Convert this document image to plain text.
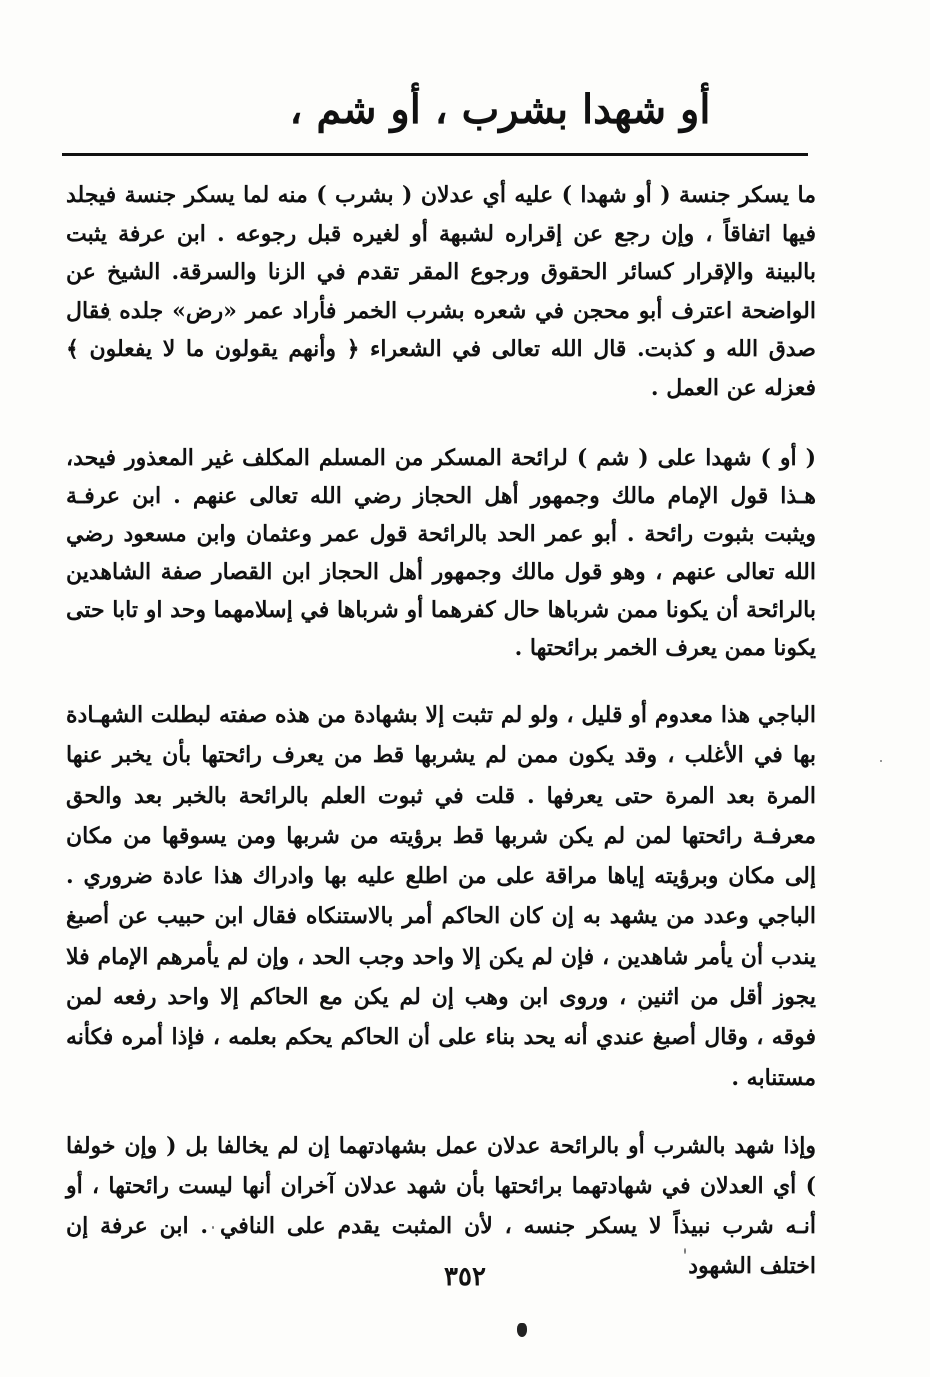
أو شهدا بشرب ، أو شم ،

ما يسكر جنسة ( أو شهدا ) عليه أي عدلان ( بشرب ) منه لما يسكر جنسة فيجلد فيها اتفاقاً ، وإن رجع عن إقراره لشبهة أو لغيره قبل رجوعه . ابن عرفة يثبت بالبينة والإقرار كسائر الحقوق ورجوع المقر تقدم في الزنا والسرقة. الشيخ عن الواضحة اعترف أبو محجن في شعره بشرب الخمر فأراد عمر «رض» جلده فقال صدق الله و كذبت. قال الله تعالى في الشعراء ﴿ وأنهم يقولون ما لا يفعلون ﴾ فعزله عن العمل .

( أو ) شهدا على ( شم ) لرائحة المسكر من المسلم المكلف غير المعذور فيحد، هـذا قول الإمام مالك وجمهور أهل الحجاز رضي الله تعالى عنهم . ابن عرفـة ويثبت بثبوت رائحة . أبو عمر الحد بالرائحة قول عمر وعثمان وابن مسعود رضي الله تعالى عنهم ، وهو قول مالك وجمهور أهل الحجاز ابن القصار صفة الشاهدين بالرائحة أن يكونا ممن شرباها حال كفرهما أو شرباها في إسلامهما وحد او تابا حتى يكونا ممن يعرف الخمر برائحتها .

الباجي هذا معدوم أو قليل ، ولو لم تثبت إلا بشهادة من هذه صفته لبطلت الشهـادة بها في الأغلب ، وقد يكون ممن لم يشربها قط من يعرف رائحتها بأن يخبر عنها المرة بعد المرة حتى يعرفها . قلت في ثبوت العلم بالرائحة بالخبر بعد والحق معرفـة رائحتها لمن لم يكن شربها قط برؤيته من شربها ومن يسوقها من مكان إلى مكان وبرؤيته إياها مراقة على من اطلع عليه بها وادراك هذا عادة ضروري . الباجي وعدد من يشهد به إن كان الحاكم أمر بالاستنكاه فقال ابن حبيب عن أصبغ يندب أن يأمر شاهدين ، فإن لم يكن إلا واحد وجب الحد ، وإن لم يأمرهم الإمام فلا يجوز أقل من اثنين ، وروى ابن وهب إن لم يكن مع الحاكم إلا واحد رفعه لمن فوقه ، وقال أصبغ عندي أنه يحد بناء على أن الحاكم يحكم بعلمه ، فإذا أمره فكأنه مستنابه .

وإذا شهد بالشرب أو بالرائحة عدلان عمل بشهادتهما إن لم يخالفا بل ( وإن خولفا ) أي العدلان في شهادتهما برائحتها بأن شهد عدلان آخران أنها ليست رائحتها ، أو أنـه شرب نبيذاً لا يسكر جنسه ، لأن المثبت يقدم على النافي . ابن عرفة إن اختلف الشهود

٣٥٢
